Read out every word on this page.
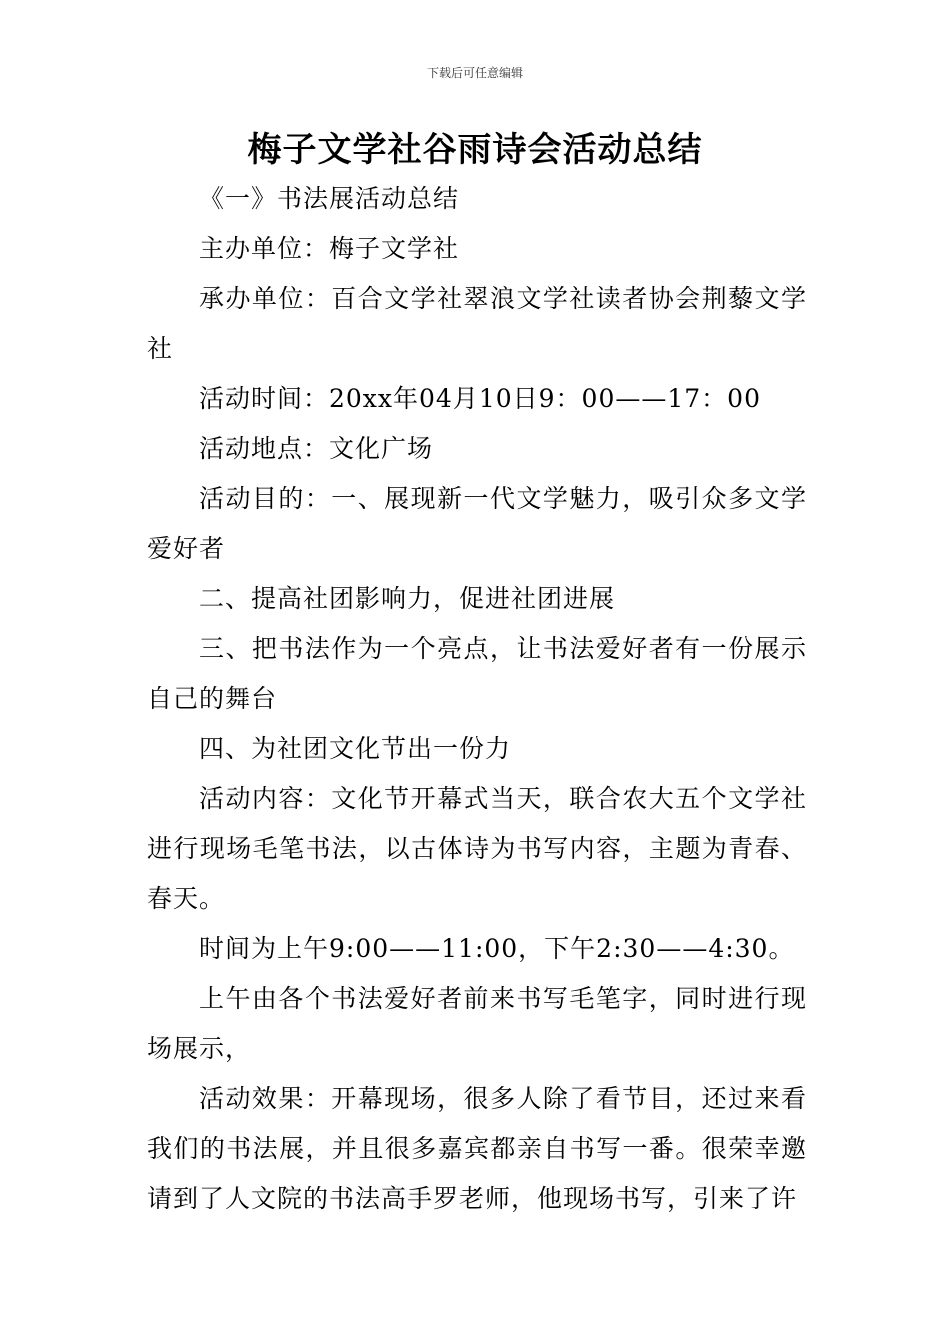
下载后可任意编辑
梅子文学社谷雨诗会活动总结

《一》书法展活动总结

主办单位：梅子文学社

承办单位：百合文学社翠浪文学社读者协会荆藜文学社

活动时间：20xx年04月10日9：00——17：00

活动地点：文化广场

活动目的：一、展现新一代文学魅力，吸引众多文学爱好者

二、提高社团影响力，促进社团进展

三、把书法作为一个亮点，让书法爱好者有一份展示自己的舞台

四、为社团文化节出一份力

活动内容：文化节开幕式当天，联合农大五个文学社进行现场毛笔书法，以古体诗为书写内容，主题为青春、春天。

时间为上午9:00——11:00，下午2:30——4:30。

上午由各个书法爱好者前来书写毛笔字，同时进行现场展示，

活动效果：开幕现场，很多人除了看节目，还过来看我们的书法展，并且很多嘉宾都亲自书写一番。很荣幸邀请到了人文院的书法高手罗老师，他现场书写，引来了许
